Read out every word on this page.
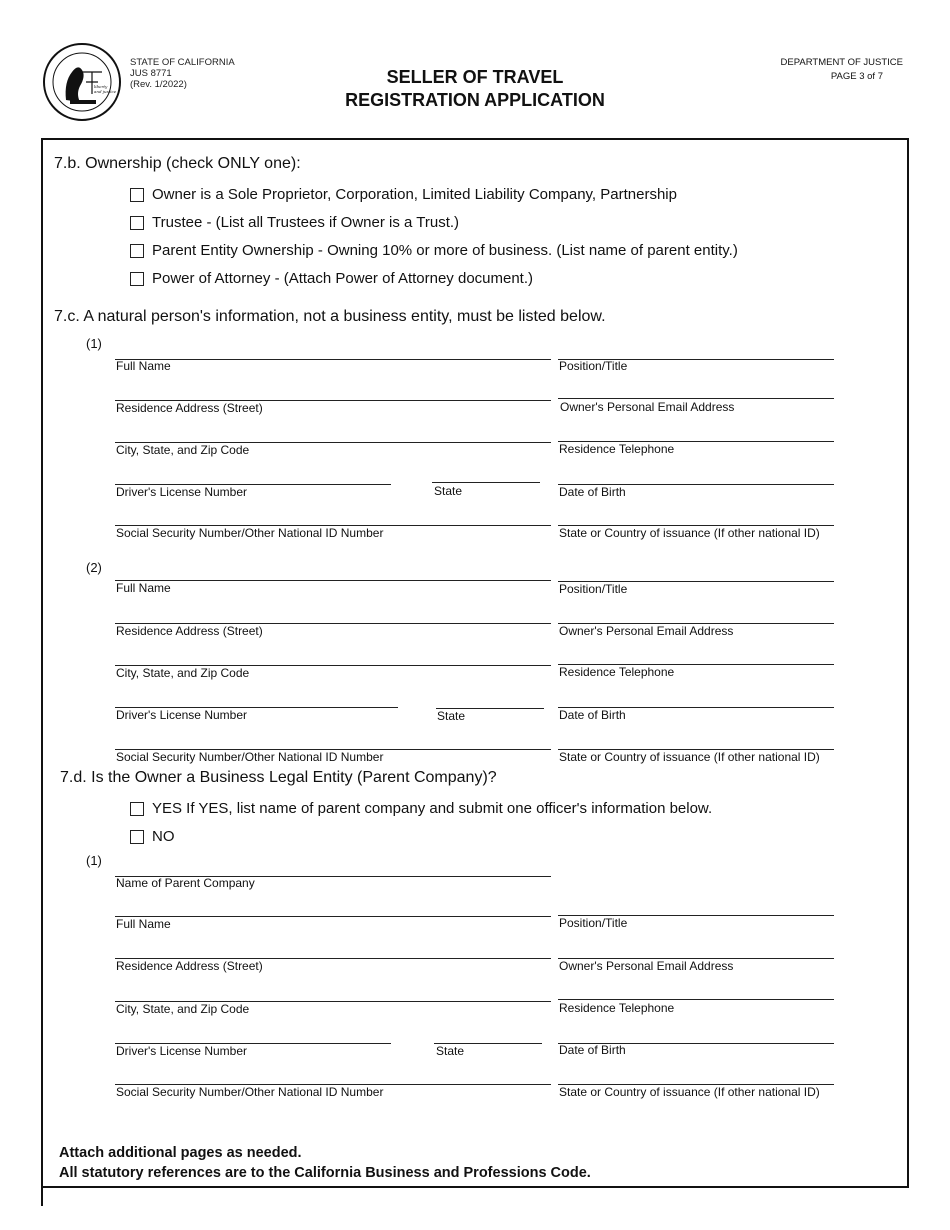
liberty
and justice
STATE OF CALIFORNIA
JUS 8771
(Rev. 1/2022)	SELLER OF TRAVEL
REGISTRATION APPLICATION
DEPARTMENT OF JUSTICE
PAGE 3 of 7
7.b. Ownership (check ONLY one):
Owner is a Sole Proprietor, Corporation, Limited Liability Company, Partnership
Trustee - (List all Trustees if Owner is a Trust.)
Parent Entity Ownership - Owning 10% or more of business. (List name of parent entity.)
Power of Attorney - (Attach Power of Attorney document.)
7.c. A natural person's information, not a business entity, must be listed below.
(1)
Full Name	Position/Title
Residence Address (Street)	Owner's Personal Email Address
City, State, and Zip Code	Residence Telephone
Driver's License Number	State	Date of Birth
Social Security Number/Other National ID Number	State or Country of issuance (If other national ID)
(2)
Full Name	Position/Title
Residence Address (Street)	Owner's Personal Email Address
City, State, and Zip Code	Residence Telephone
Driver's License Number	State	Date of Birth
Social Security Number/Other National ID Number	State or Country of issuance (If other national ID)
7.d. Is the Owner a Business Legal Entity (Parent Company)?
YES If YES, list name of parent company and submit one officer's information below.
NO
(1)
Name of Parent Company
Full Name	Position/Title
Residence Address (Street)	Owner's Personal Email Address
City, State, and Zip Code	Residence Telephone
Driver's License Number	State	Date of Birth
Social Security Number/Other National ID Number	State or Country of issuance (If other national ID)
Attach additional pages as needed.
All statutory references are to the California Business and Professions Code.
